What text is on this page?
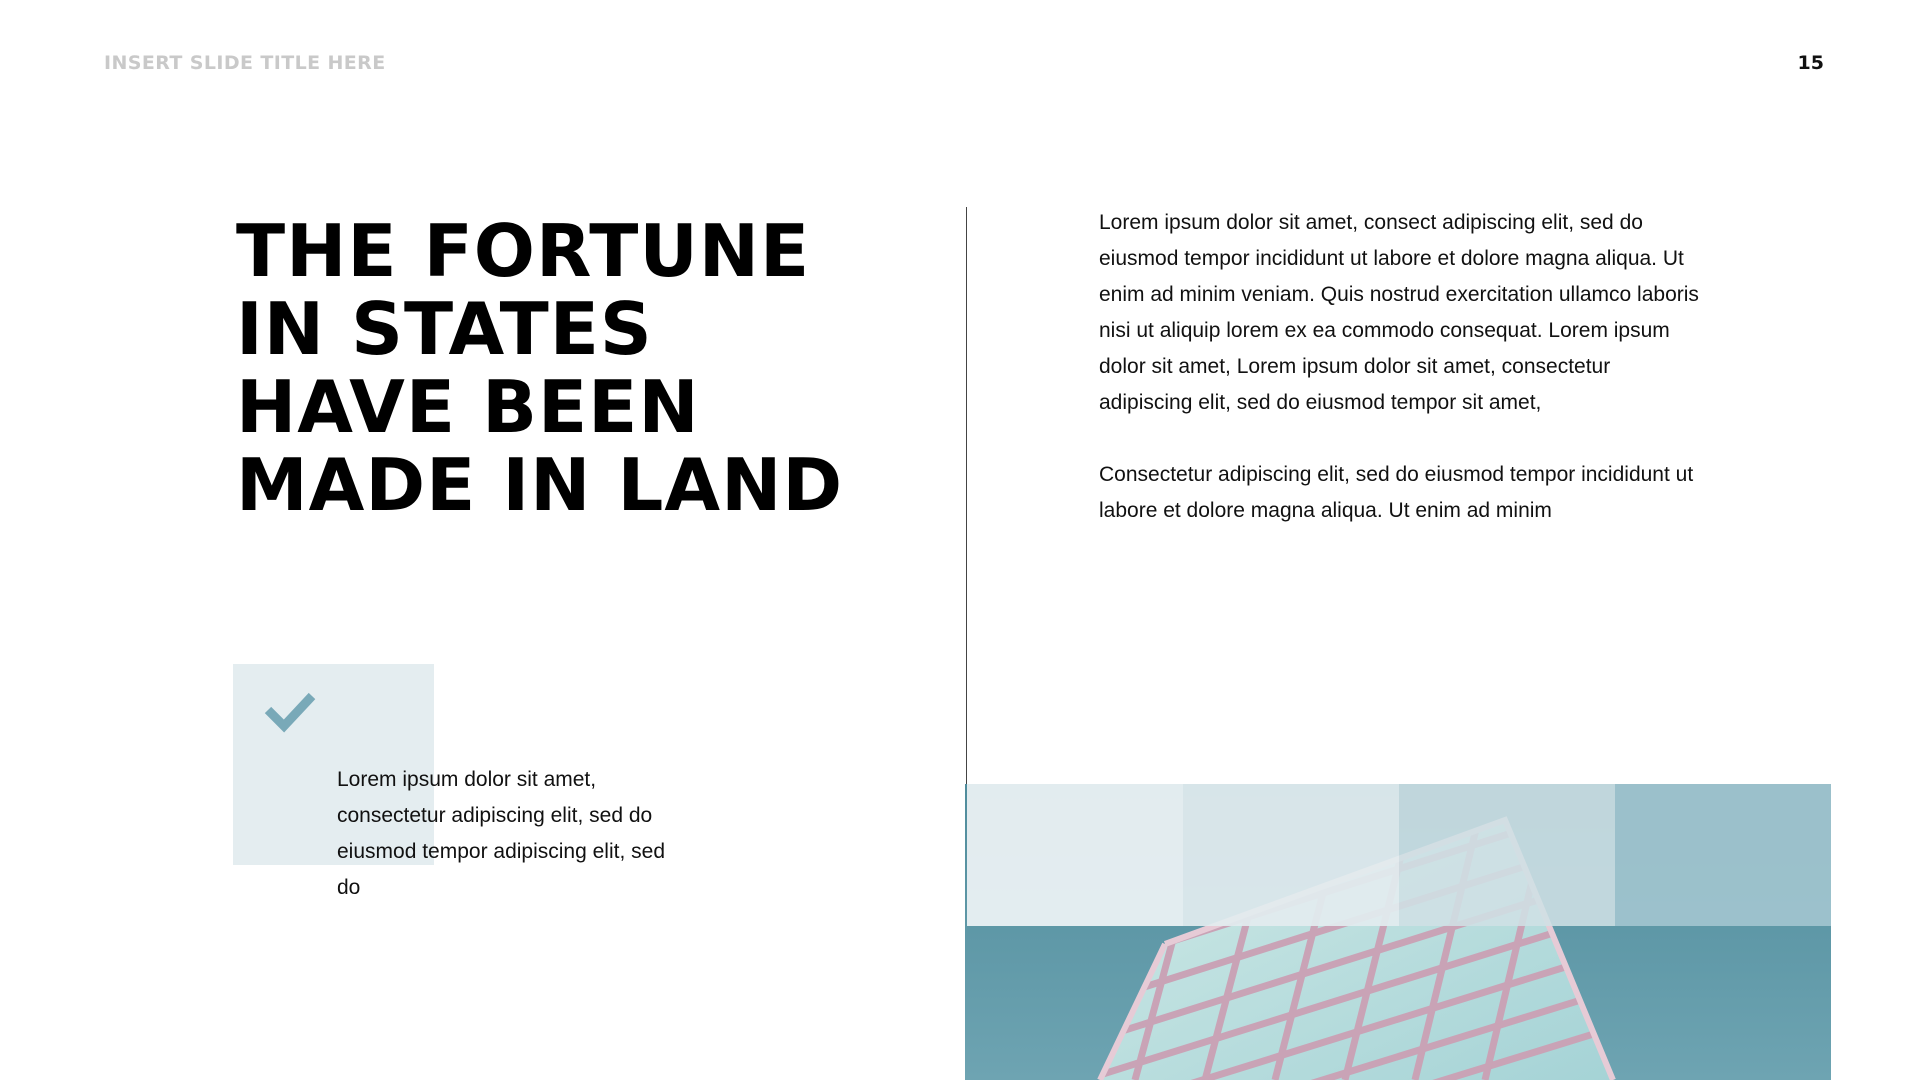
INSERT SLIDE TITLE HERE	15
THE FORTUNE
IN STATES
HAVE BEEN
MADE IN LAND
Lorem ipsum dolor sit amet, consectetur adipiscing elit, sed do eiusmod tempor adipiscing elit, sed do

Lorem ipsum dolor sit amet, consect adipiscing elit, sed do eiusmod tempor incididunt ut labore et dolore magna aliqua. Ut enim ad minim veniam. Quis nostrud exercitation ullamco laboris nisi ut aliquip lorem ex ea commodo consequat. Lorem ipsum dolor sit amet, Lorem ipsum dolor sit amet, consectetur adipiscing elit, sed do eiusmod tempor sit amet,

Consectetur adipiscing elit, sed do eiusmod tempor incididunt ut labore et dolore magna aliqua. Ut enim ad minim
